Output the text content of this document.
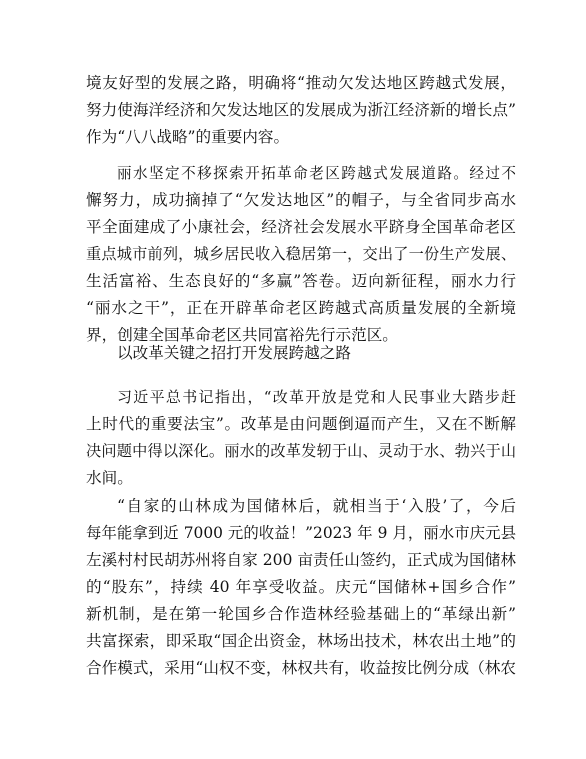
境友好型的发展之路，明确将“推动欠发达地区跨越式发展，
努力使海洋经济和欠发达地区的发展成为浙江经济新的增长点”
作为“八八战略”的重要内容。
丽水坚定不移探索开拓革命老区跨越式发展道路。经过不
懈努力，成功摘掉了“欠发达地区”的帽子，与全省同步高水
平全面建成了小康社会，经济社会发展水平跻身全国革命老区
重点城市前列，城乡居民收入稳居第一，交出了一份生产发展、
生活富裕、生态良好的“多赢”答卷。迈向新征程，丽水力行
“丽水之干”，正在开辟革命老区跨越式高质量发展的全新境
界，创建全国革命老区共同富裕先行示范区。
以改革关键之招打开发展跨越之路
习近平总书记指出，“改革开放是党和人民事业大踏步赶
上时代的重要法宝”。改革是由问题倒逼而产生，又在不断解
决问题中得以深化。丽水的改革发轫于山、灵动于水、勃兴于山
水间。
“自家的山林成为国储林后，就相当于‘入股’了，今后
每年能拿到近 7000 元的收益！”2023 年 9 月，丽水市庆元县
左溪村村民胡苏州将自家 200 亩责任山签约，正式成为国储林
的“股东”，持续 40 年享受收益。庆元“国储林+国乡合作”
新机制，是在第一轮国乡合作造林经验基础上的“革绿出新”
共富探索，即采取“国企出资金，林场出技术，林农出土地”的
合作模式，采用“山权不变，林权共有，收益按比例分成（林农
